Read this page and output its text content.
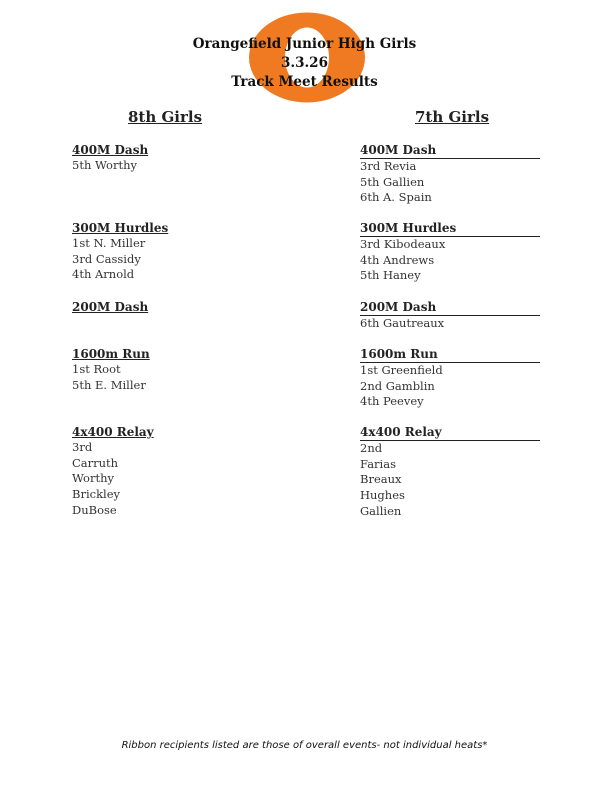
Orangefield Junior High Girls
3.3.26
Track Meet Results
8th Girls	7th Girls
400M Dash
5th Worthy
300M Hurdles
1st N. Miller
3rd Cassidy
4th Arnold
200M Dash
1600m Run
1st Root
5th E. Miller
4x400 Relay
3rd
Carruth
Worthy
Brickley
DuBose
400M Dash
3rd Revia
5th Gallien
6th A. Spain
300M Hurdles
3rd Kibodeaux
4th Andrews
5th Haney
200M Dash
6th Gautreaux
1600m Run
1st Greenfield
2nd Gamblin
4th Peevey
4x400 Relay
2nd
Farias
Breaux
Hughes
Gallien
Ribbon recipients listed are those of overall events- not individual heats*
